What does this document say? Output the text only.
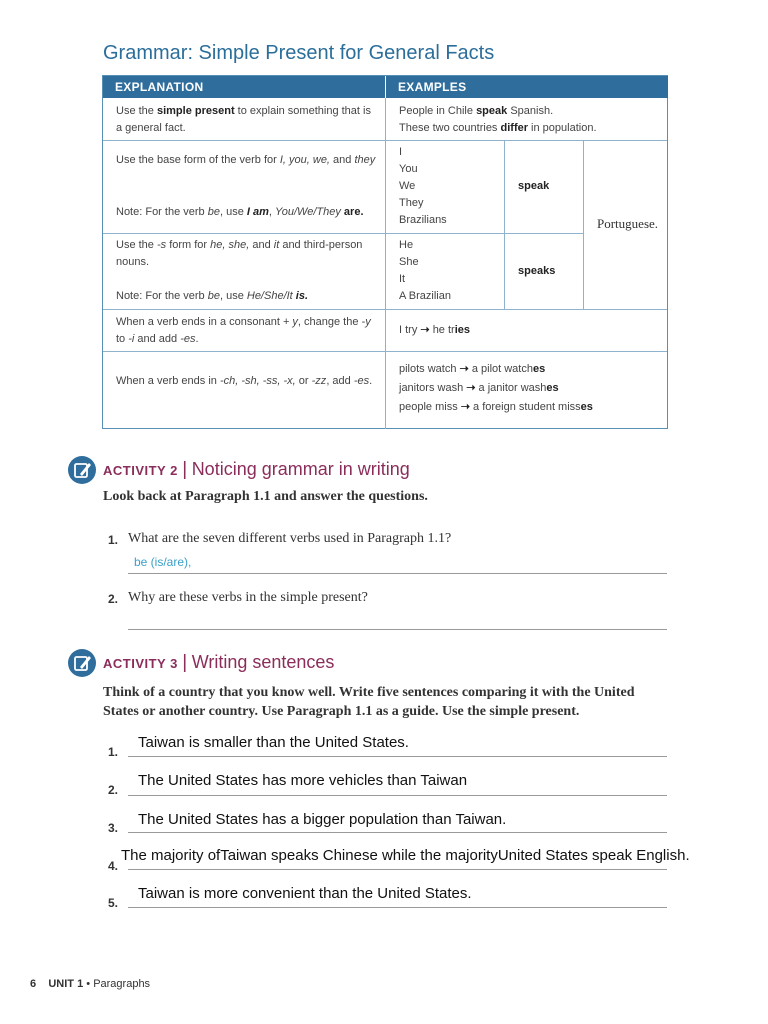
Grammar: Simple Present for General Facts
EXPLANATION	EXAMPLES
Use the simple present to explain something that is a general fact.
People in Chile speak Spanish.
These two countries differ in population.
Use the base form of the verb for I, you, we, and they
Note: For the verb be, use I am, You/We/They are.
I
You
We
They
Brazilians
speak
Use the -s form for he, she, and it and third-person nouns.
Note: For the verb be, use He/She/It is.
He
She
It
A Brazilian
speaks
Portuguese.
When a verb ends in a consonant + y, change the -y to -i and add -es.
I try ➝ he tries
When a verb ends in -ch, -sh, -ss, -x, or -zz, add -es.
pilots watch ➝ a pilot watches
janitors wash ➝ a janitor washes
people miss ➝ a foreign student misses
ACTIVITY 2 | Noticing grammar in writing
Look back at Paragraph 1.1 and answer the questions.
1. What are the seven different verbs used in Paragraph 1.1?
be (is/are),
2. Why are these verbs in the simple present?
ACTIVITY 3 | Writing sentences
Think of a country that you know well. Write five sentences comparing it with the United
States or another country. Use Paragraph 1.1 as a guide. Use the simple present.
1.
Taiwan is smaller than the United States.
2.
The United States has more vehicles than Taiwan
3. The United States has a bigger population than Taiwan.
4.
The majority ofTaiwan speaks Chinese while the majorityUnited States speak English.
5.
Taiwan is more convenient than the United States.
6 UNIT 1 • Paragraphs
